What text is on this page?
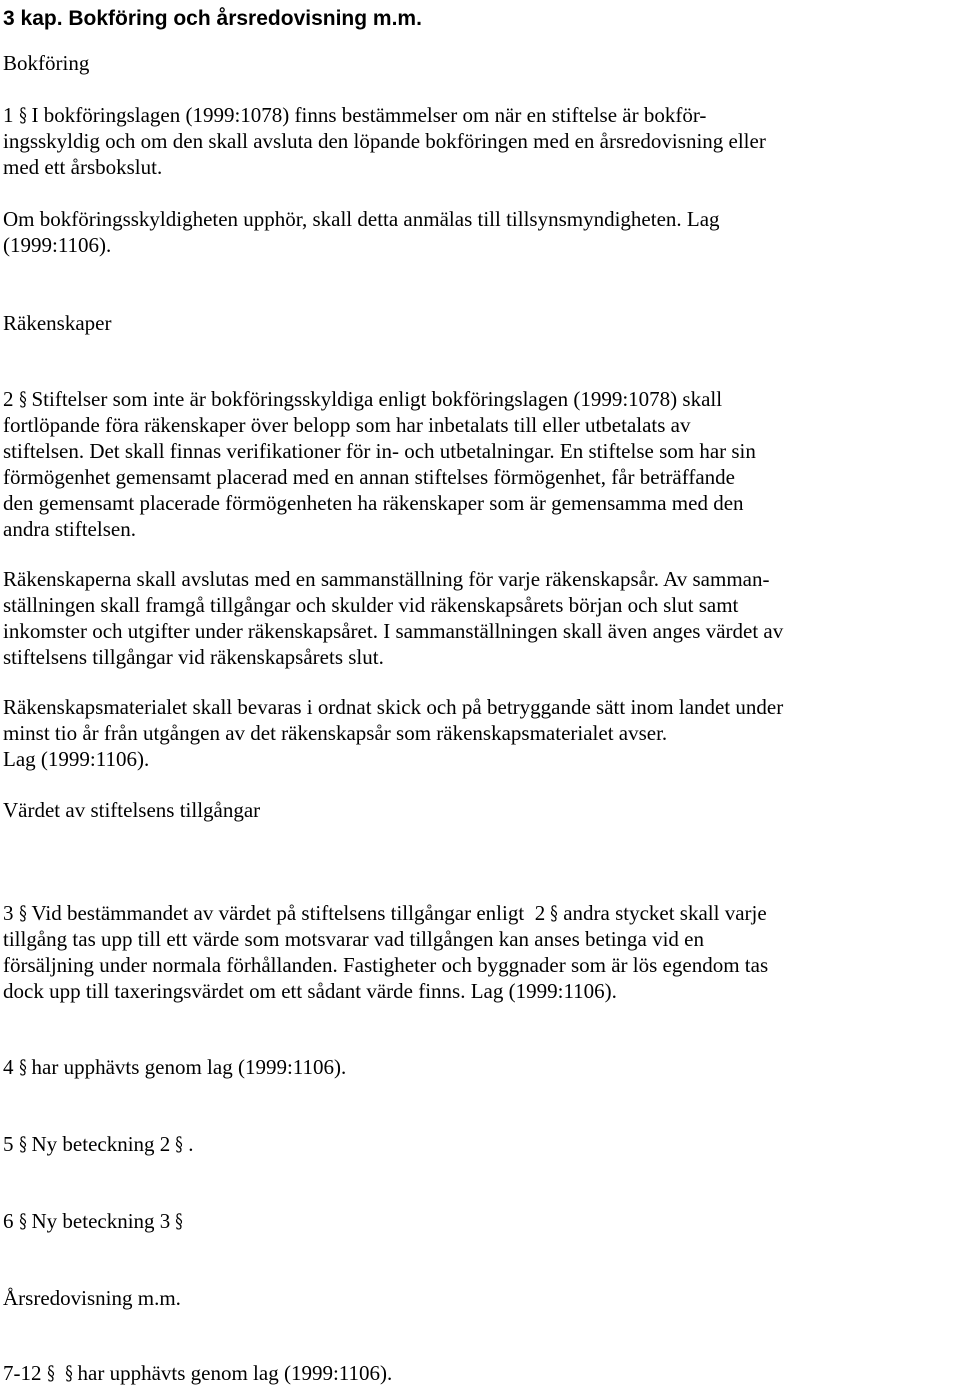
3 kap. Bokföring och årsredovisning m.m.
Bokföring
1 § I bokföringslagen (1999:1078) finns bestämmelser om när en stiftelse är bokför-
ingsskyldig och om den skall avsluta den löpande bokföringen med en årsredovisning eller
med ett årsbokslut.
Om bokföringsskyldigheten upphör, skall detta anmälas till tillsynsmyndigheten. Lag
(1999:1106).
Räkenskaper
2 § Stiftelser som inte är bokföringsskyldiga enligt bokföringslagen (1999:1078) skall
fortlöpande föra räkenskaper över belopp som har inbetalats till eller utbetalats av
stiftelsen. Det skall finnas verifikationer för in- och utbetalningar. En stiftelse som har sin
förmögenhet gemensamt placerad med en annan stiftelses förmögenhet, får beträffande
den gemensamt placerade förmögenheten ha räkenskaper som är gemensamma med den
andra stiftelsen.
Räkenskaperna skall avslutas med en sammanställning för varje räkenskapsår. Av samman-
ställningen skall framgå tillgångar och skulder vid räkenskapsårets början och slut samt
inkomster och utgifter under räkenskapsåret. I sammanställningen skall även anges värdet av
stiftelsens tillgångar vid räkenskapsårets slut.
Räkenskapsmaterialet skall bevaras i ordnat skick och på betryggande sätt inom landet under
minst tio år från utgången av det räkenskapsår som räkenskapsmaterialet avser.
Lag (1999:1106).
Värdet av stiftelsens tillgångar
3 § Vid bestämmandet av värdet på stiftelsens tillgångar enligt 2 § andra stycket skall varje
tillgång tas upp till ett värde som motsvarar vad tillgången kan anses betinga vid en
försäljning under normala förhållanden. Fastigheter och byggnader som är lös egendom tas
dock upp till taxeringsvärdet om ett sådant värde finns. Lag (1999:1106).
4 § har upphävts genom lag (1999:1106).
5 § Ny beteckning 2 § .
6 § Ny beteckning 3 §
Årsredovisning m.m.
7-12 § § har upphävts genom lag (1999:1106).
